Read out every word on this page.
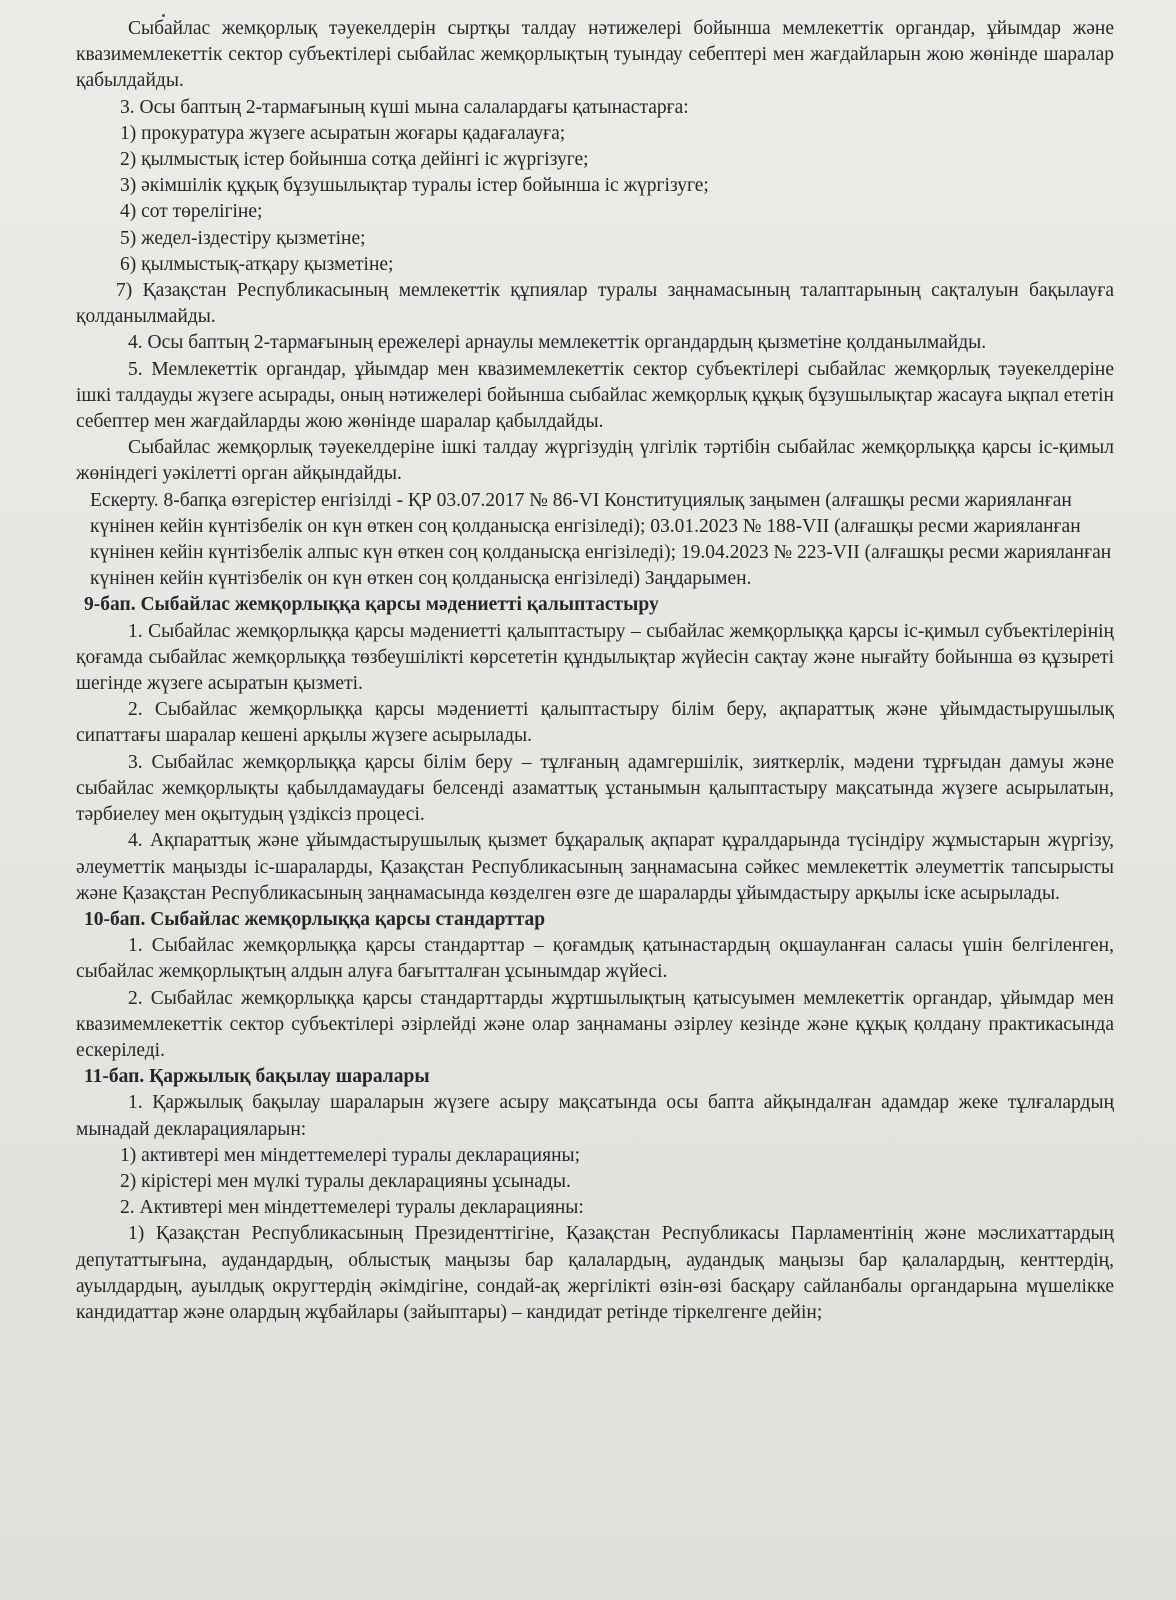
Сыбайлас жемқорлық тәуекелдерін сыртқы талдау нәтижелері бойынша мемлекеттік органдар, ұйымдар және квазимемлекеттік сектор субъектілері сыбайлас жемқорлықтың туындау себептері мен жағдайларын жою жөнінде шаралар қабылдайды.

3. Осы баптың 2-тармағының күші мына салалардағы қатынастарға:

1) прокуратура жүзеге асыратын жоғары қадағалауға;

2) қылмыстық істер бойынша сотқа дейінгі іс жүргізуге;

3) әкімшілік құқық бұзушылықтар туралы істер бойынша іс жүргізуге;

4) сот төрелігіне;

5) жедел-іздестіру қызметіне;

6) қылмыстық-атқару қызметіне;

7) Қазақстан Республикасының мемлекеттік құпиялар туралы заңнамасының талаптарының сақталуын бақылауға қолданылмайды.

4. Осы баптың 2-тармағының ережелері арнаулы мемлекеттік органдардың қызметіне қолданылмайды.

5. Мемлекеттік органдар, ұйымдар мен квазимемлекеттік сектор субъектілері сыбайлас жемқорлық тәуекелдеріне ішкі талдауды жүзеге асырады, оның нәтижелері бойынша сыбайлас жемқорлық құқық бұзушылықтар жасауға ықпал ететін себептер мен жағдайларды жою жөнінде шаралар қабылдайды.

Сыбайлас жемқорлық тәуекелдеріне ішкі талдау жүргізудің үлгілік тәртібін сыбайлас жемқорлыққа қарсы іс-қимыл жөніндегі уәкілетті орган айқындайды.

Ескерту. 8-бапқа өзгерістер енгізілді - ҚР 03.07.2017 № 86-VI Конституциялық заңымен (алғашқы ресми жарияланған күнінен кейін күнтізбелік он күн өткен соң қолданысқа енгізіледі); 03.01.2023 № 188-VII (алғашқы ресми жарияланған күнінен кейін күнтізбелік алпыс күн өткен соң қолданысқа енгізіледі); 19.04.2023 № 223-VII (алғашқы ресми жарияланған күнінен кейін күнтізбелік он күн өткен соң қолданысқа енгізіледі) Заңдарымен.

9-бап. Сыбайлас жемқорлыққа қарсы мәдениетті қалыптастыру

1. Сыбайлас жемқорлыққа қарсы мәдениетті қалыптастыру – сыбайлас жемқорлыққа қарсы іс-қимыл субъектілерінің қоғамда сыбайлас жемқорлыққа төзбеушілікті көрсететін құндылықтар жүйесін сақтау және нығайту бойынша өз құзыреті шегінде жүзеге асыратын қызметі.

2. Сыбайлас жемқорлыққа қарсы мәдениетті қалыптастыру білім беру, ақпараттық және ұйымдастырушылық сипаттағы шаралар кешені арқылы жүзеге асырылады.

3. Сыбайлас жемқорлыққа қарсы білім беру – тұлғаның адамгершілік, зияткерлік, мәдени тұрғыдан дамуы және сыбайлас жемқорлықты қабылдамаудағы белсенді азаматтық ұстанымын қалыптастыру мақсатында жүзеге асырылатын, тәрбиелеу мен оқытудың үздіксіз процесі.

4. Ақпараттық және ұйымдастырушылық қызмет бұқаралық ақпарат құралдарында түсіндіру жұмыстарын жүргізу, әлеуметтік маңызды іс-шараларды, Қазақстан Республикасының заңнамасына сәйкес мемлекеттік әлеуметтік тапсырысты және Қазақстан Республикасының заңнамасында көзделген өзге де шараларды ұйымдастыру арқылы іске асырылады.

10-бап. Сыбайлас жемқорлыққа қарсы стандарттар

1. Сыбайлас жемқорлыққа қарсы стандарттар – қоғамдық қатынастардың оқшауланған саласы үшін белгіленген, сыбайлас жемқорлықтың алдын алуға бағытталған ұсынымдар жүйесі.

2. Сыбайлас жемқорлыққа қарсы стандарттарды жұртшылықтың қатысуымен мемлекеттік органдар, ұйымдар мен квазимемлекеттік сектор субъектілері әзірлейді және олар заңнаманы әзірлеу кезінде және құқық қолдану практикасында ескеріледі.

11-бап. Қаржылық бақылау шаралары

1. Қаржылық бақылау шараларын жүзеге асыру мақсатында осы бапта айқындалған адамдар жеке тұлғалардың мынадай декларацияларын:

1) активтері мен міндеттемелері туралы декларацияны;

2) кірістері мен мүлкі туралы декларацияны ұсынады.

2. Активтері мен міндеттемелері туралы декларацияны:

1) Қазақстан Республикасының Президенттігіне, Қазақстан Республикасы Парламентінің және мәслихаттардың депутаттығына, аудандардың, облыстық маңызы бар қалалардың, аудандық маңызы бар қалалардың, кенттердің, ауылдардың, ауылдық округтердің әкімдігіне, сондай-ақ жергілікті өзін-өзі басқару сайланбалы органдарына мүшелікке кандидаттар және олардың жұбайлары (зайыптары) – кандидат ретінде тіркелгенге дейін;
